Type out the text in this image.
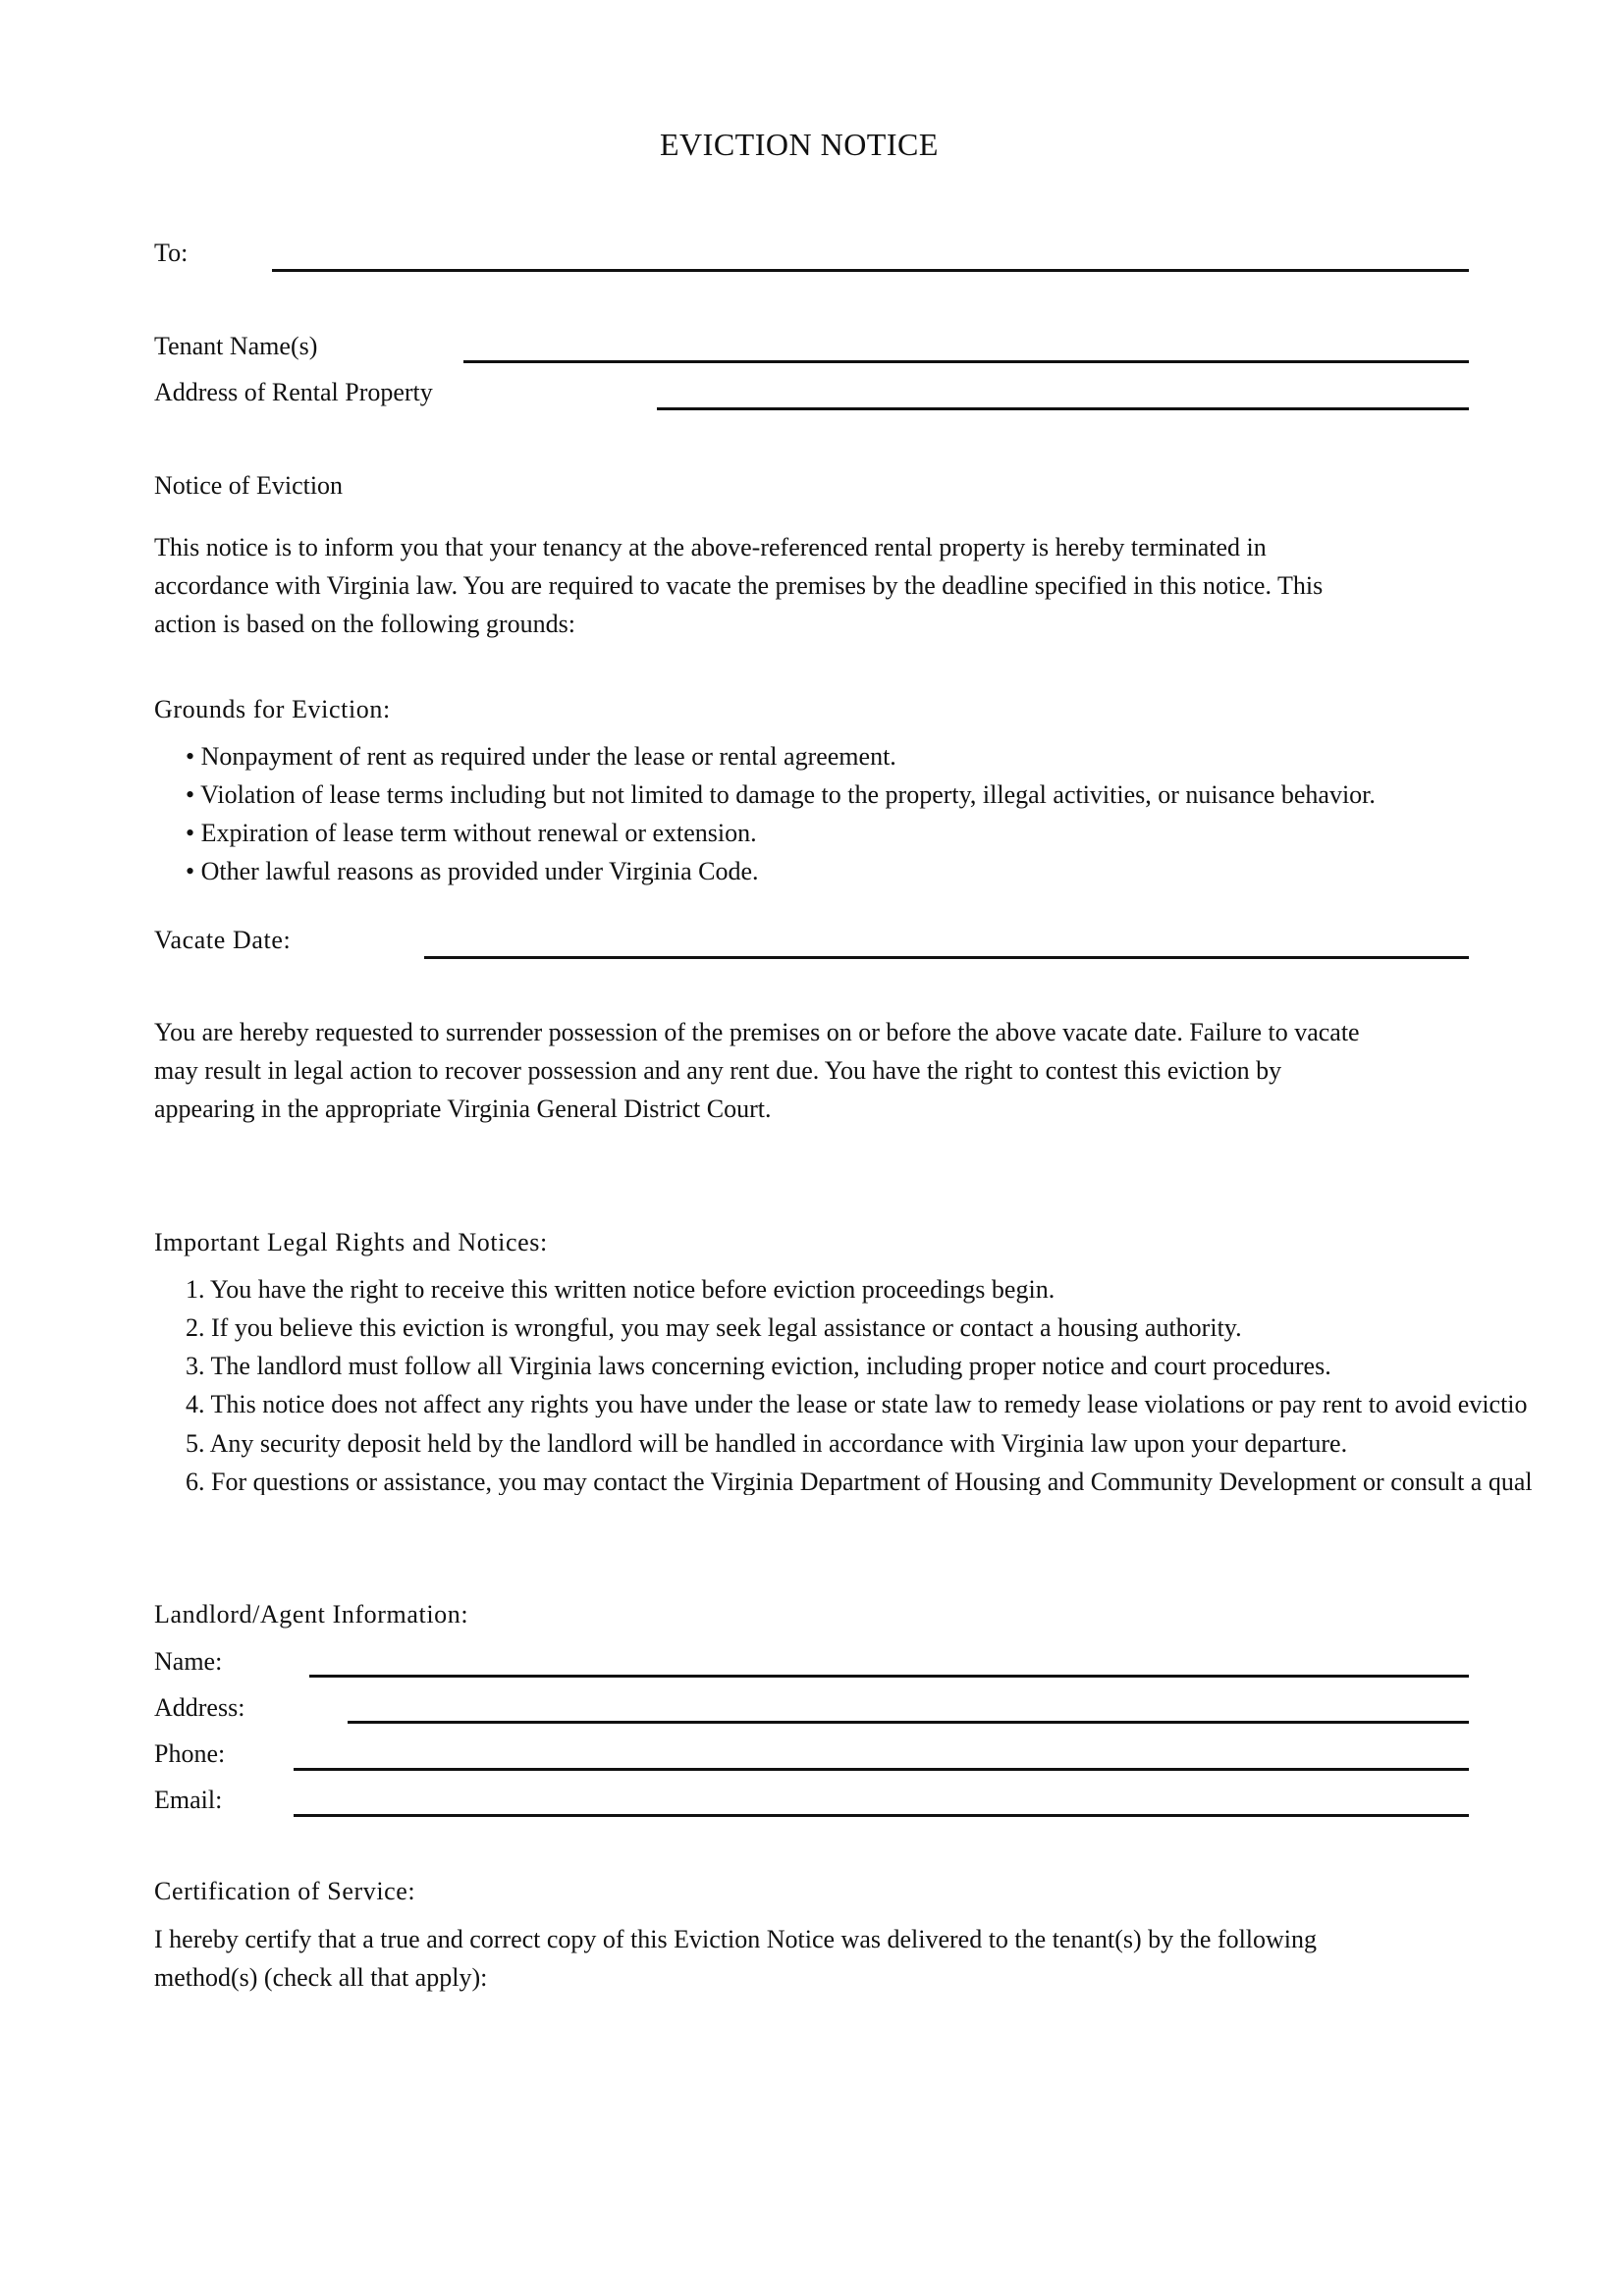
EVICTION NOTICE
To:
Tenant Name(s)
Address of Rental Property
Notice of Eviction
This notice is to inform you that your tenancy at the above-referenced rental property is hereby terminated in
accordance with Virginia law. You are required to vacate the premises by the deadline specified in this notice. This
action is based on the following grounds:
Grounds for Eviction:
• Nonpayment of rent as required under the lease or rental agreement.
• Violation of lease terms including but not limited to damage to the property, illegal activities, or nuisance behavior.
• Expiration of lease term without renewal or extension.
• Other lawful reasons as provided under Virginia Code.
Vacate Date:
You are hereby requested to surrender possession of the premises on or before the above vacate date. Failure to vacate
may result in legal action to recover possession and any rent due. You have the right to contest this eviction by
appearing in the appropriate Virginia General District Court.
Important Legal Rights and Notices:
1. You have the right to receive this written notice before eviction proceedings begin.
2. If you believe this eviction is wrongful, you may seek legal assistance or contact a housing authority.
3. The landlord must follow all Virginia laws concerning eviction, including proper notice and court procedures.
4. This notice does not affect any rights you have under the lease or state law to remedy lease violations or pay rent to avoid evictio
5. Any security deposit held by the landlord will be handled in accordance with Virginia law upon your departure.
6. For questions or assistance, you may contact the Virginia Department of Housing and Community Development or consult a qual
Landlord/Agent Information:
Name:
Address:
Phone:
Email:
Certification of Service:
I hereby certify that a true and correct copy of this Eviction Notice was delivered to the tenant(s) by the following
method(s) (check all that apply):
